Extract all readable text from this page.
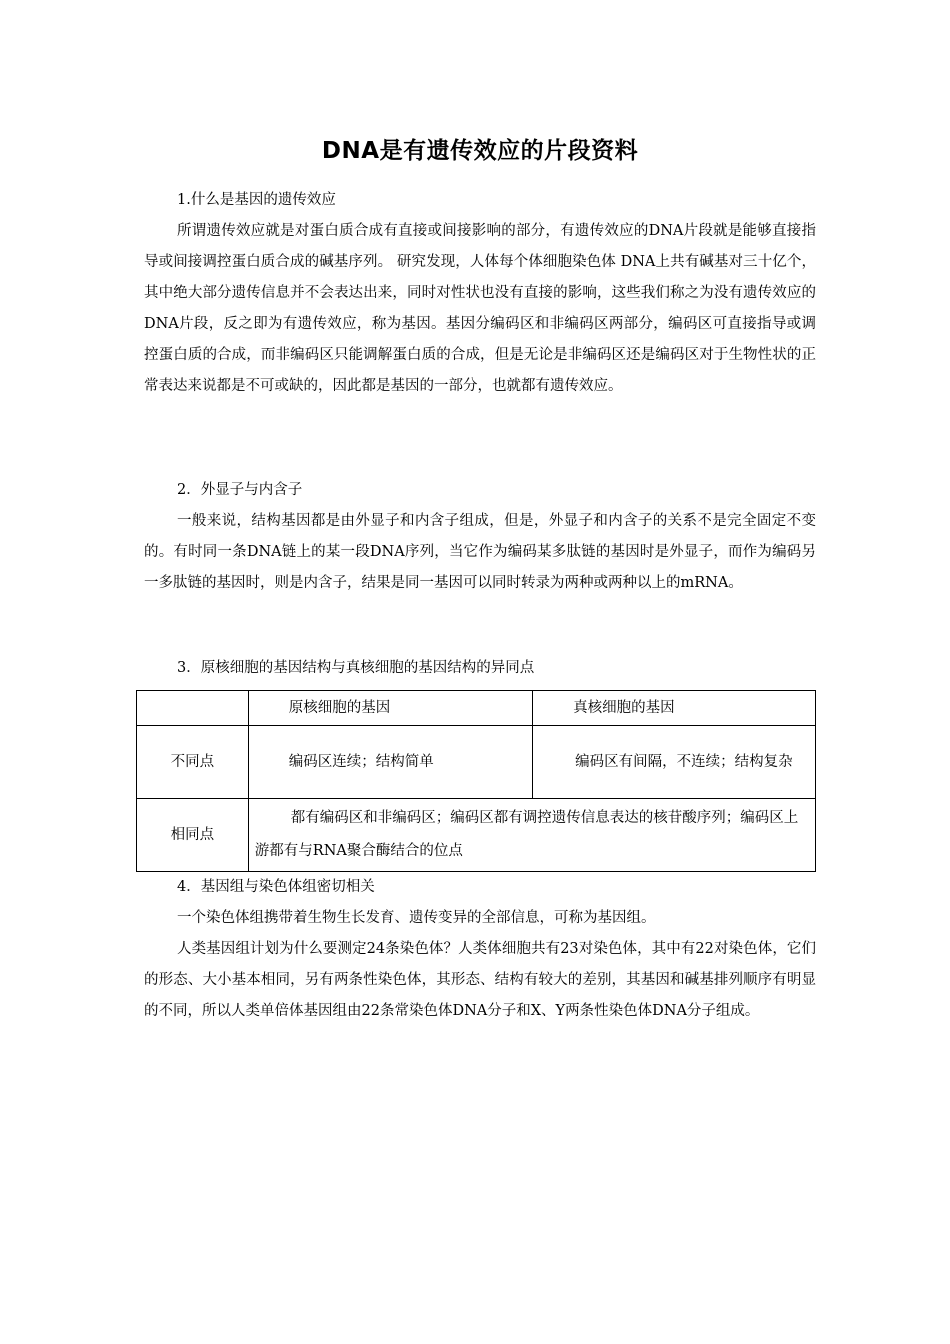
DNA是有遗传效应的片段资料
1.什么是基因的遗传效应
所谓遗传效应就是对蛋白质合成有直接或间接影响的部分，有遗传效应的DNA片段就是能够直接指导或间接调控蛋白质合成的碱基序列。 研究发现，人体每个体细胞染色体 DNA上共有碱基对三十亿个，其中绝大部分遗传信息并不会表达出来，同时对性状也没有直接的影响，这些我们称之为没有遗传效应的DNA片段，反之即为有遗传效应，称为基因。基因分编码区和非编码区两部分，编码区可直接指导或调控蛋白质的合成，而非编码区只能调解蛋白质的合成，但是无论是非编码区还是编码区对于生物性状的正常表达来说都是不可或缺的，因此都是基因的一部分，也就都有遗传效应。
2．外显子与内含子
一般来说，结构基因都是由外显子和内含子组成，但是，外显子和内含子的关系不是完全固定不变的。有时同一条DNA链上的某一段DNA序列，当它作为编码某多肽链的基因时是外显子，而作为编码另一多肽链的基因时，则是内含子，结果是同一基因可以同时转录为两种或两种以上的mRNA。
3．原核细胞的基因结构与真核细胞的基因结构的异同点
	原核细胞的基因	真核细胞的基因
不同点	编码区连续；结构简单	编码区有间隔，不连续；结构复杂
相同点	都有编码区和非编码区；编码区都有调控遗传信息表达的核苷酸序列；编码区上游都有与RNA聚合酶结合的位点	
4．基因组与染色体组密切相关
一个染色体组携带着生物生长发育、遗传变异的全部信息，可称为基因组。
人类基因组计划为什么要测定24条染色体？人类体细胞共有23对染色体，其中有22对染色体，它们的形态、大小基本相同，另有两条性染色体，其形态、结构有较大的差别，其基因和碱基排列顺序有明显的不同，所以人类单倍体基因组由22条常染色体DNA分子和X、Y两条性染色体DNA分子组成。
